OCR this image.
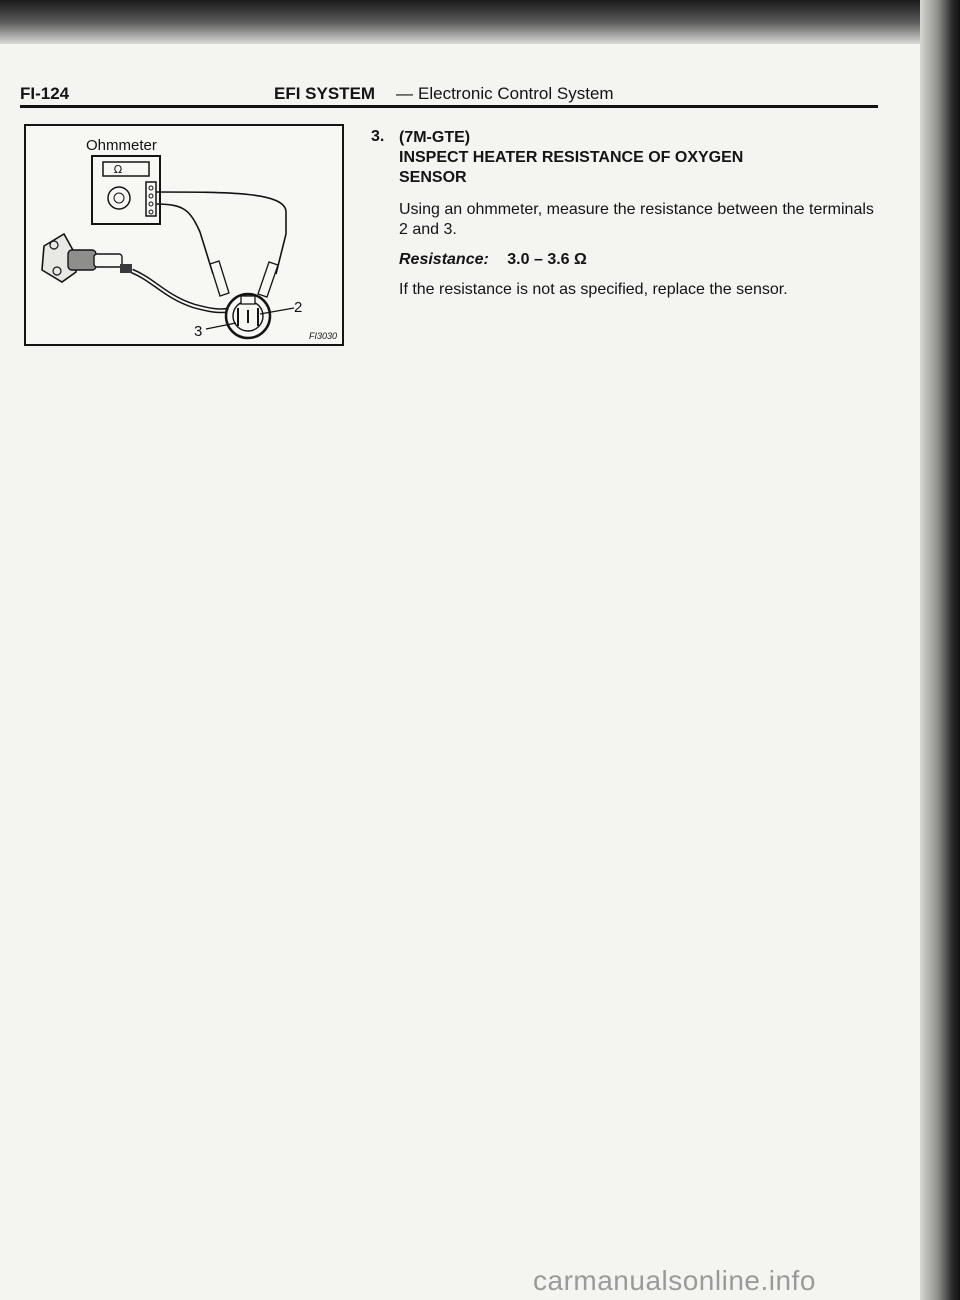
FI-124	EFI SYSTEM — Electronic Control System
Ohmmeter
Ω
2
3	FI3030
3. (7M-GTE)

INSPECT HEATER RESISTANCE OF OXYGEN SENSOR

Using an ohmmeter, measure the resistance between the terminals 2 and 3.

Resistance: 3.0 – 3.6 Ω

If the resistance is not as specified, replace the sensor.

carmanualsonline.info
